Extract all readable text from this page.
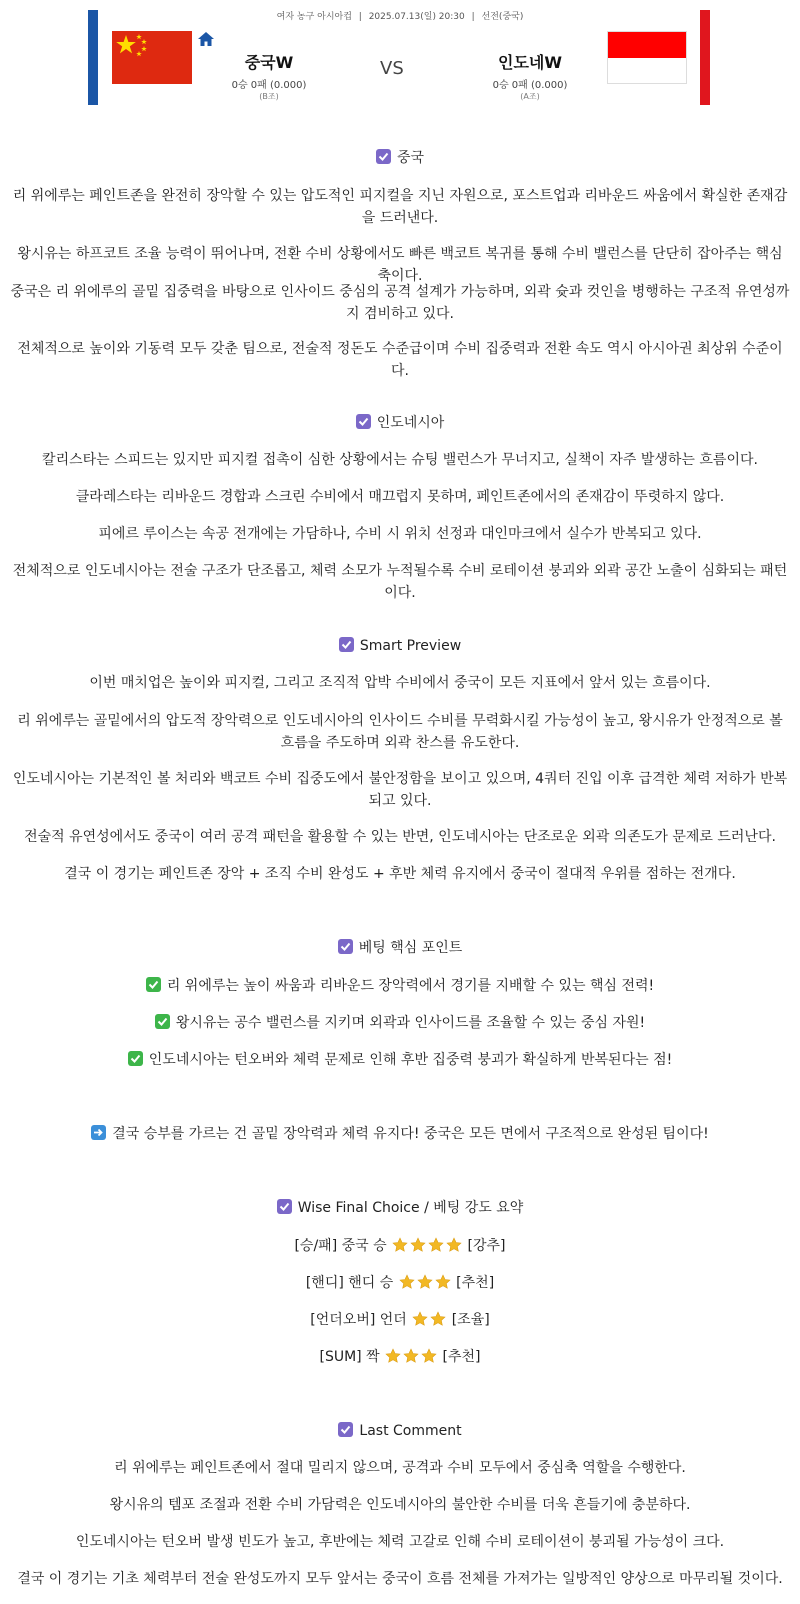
여자 농구 아시아컵 | 2025.07.13(일) 20:30 | 선전(중국)
중국W
0승 0패 (0.000)
(B조)
VS	인도네W
0승 0패 (0.000)
(A조)
중국
리 위에루는 페인트존을 완전히 장악할 수 있는 압도적인 피지컬을 지닌 자원으로, 포스트업과 리바운드 싸움에서 확실한 존재감을 드러낸다.
왕시유는 하프코트 조율 능력이 뛰어나며, 전환 수비 상황에서도 빠른 백코트 복귀를 통해 수비 밸런스를 단단히 잡아주는 핵심 축이다.
중국은 리 위에루의 골밑 집중력을 바탕으로 인사이드 중심의 공격 설계가 가능하며, 외곽 슛과 컷인을 병행하는 구조적 유연성까지 겸비하고 있다.
전체적으로 높이와 기동력 모두 갖춘 팀으로, 전술적 정돈도 수준급이며 수비 집중력과 전환 속도 역시 아시아권 최상위 수준이다.
인도네시아
칼리스타는 스피드는 있지만 피지컬 접촉이 심한 상황에서는 슈팅 밸런스가 무너지고, 실책이 자주 발생하는 흐름이다.
클라레스타는 리바운드 경합과 스크린 수비에서 매끄럽지 못하며, 페인트존에서의 존재감이 뚜렷하지 않다.
피에르 루이스는 속공 전개에는 가담하나, 수비 시 위치 선정과 대인마크에서 실수가 반복되고 있다.
전체적으로 인도네시아는 전술 구조가 단조롭고, 체력 소모가 누적될수록 수비 로테이션 붕괴와 외곽 공간 노출이 심화되는 패턴이다.
Smart Preview
이번 매치업은 높이와 피지컬, 그리고 조직적 압박 수비에서 중국이 모든 지표에서 앞서 있는 흐름이다.
리 위에루는 골밑에서의 압도적 장악력으로 인도네시아의 인사이드 수비를 무력화시킬 가능성이 높고, 왕시유가 안정적으로 볼 흐름을 주도하며 외곽 찬스를 유도한다.
인도네시아는 기본적인 볼 처리와 백코트 수비 집중도에서 불안정함을 보이고 있으며, 4쿼터 진입 이후 급격한 체력 저하가 반복되고 있다.
전술적 유연성에서도 중국이 여러 공격 패턴을 활용할 수 있는 반면, 인도네시아는 단조로운 외곽 의존도가 문제로 드러난다.
결국 이 경기는 페인트존 장악 + 조직 수비 완성도 + 후반 체력 유지에서 중국이 절대적 우위를 점하는 전개다.
베팅 핵심 포인트
리 위에루는 높이 싸움과 리바운드 장악력에서 경기를 지배할 수 있는 핵심 전력!
왕시유는 공수 밸런스를 지키며 외곽과 인사이드를 조율할 수 있는 중심 자원!
인도네시아는 턴오버와 체력 문제로 인해 후반 집중력 붕괴가 확실하게 반복된다는 점!
결국 승부를 가르는 건 골밑 장악력과 체력 유지다! 중국은 모든 면에서 구조적으로 완성된 팀이다!
Wise Final Choice / 베팅 강도 요약
[승/패] 중국 승	[강추]
[핸디] 핸디 승	[추천]
[언더오버] 언더	[조율]
[SUM] 짝	[추천]
Last Comment
리 위에루는 페인트존에서 절대 밀리지 않으며, 공격과 수비 모두에서 중심축 역할을 수행한다.
왕시유의 템포 조절과 전환 수비 가담력은 인도네시아의 불안한 수비를 더욱 흔들기에 충분하다.
인도네시아는 턴오버 발생 빈도가 높고, 후반에는 체력 고갈로 인해 수비 로테이션이 붕괴될 가능성이 크다.
결국 이 경기는 기초 체력부터 전술 완성도까지 모두 앞서는 중국이 흐름 전체를 가져가는 일방적인 양상으로 마무리될 것이다.
